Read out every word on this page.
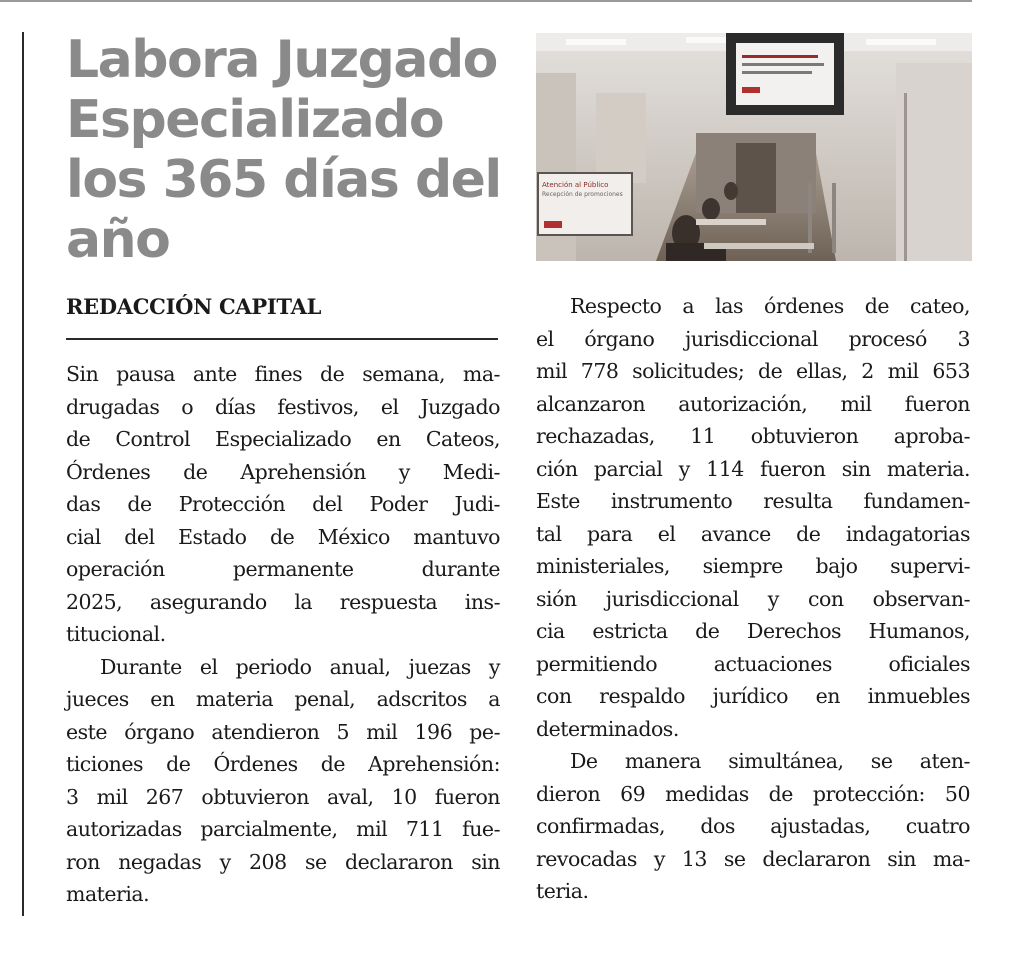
Labora Juzgado
Especializado
los 365 días del
año
Atención al Público
Recepción de promociones
REDACCIÓN CAPITAL
Sin pausa ante fines de semana, ma-
drugadas o días festivos, el Juzgado
de Control Especializado en Cateos,
Órdenes de Aprehensión y Medi-
das de Protección del Poder Judi-
cial del Estado de México mantuvo
operación permanente durante
2025, asegurando la respuesta ins-
titucional.
Durante el periodo anual, juezas y
jueces en materia penal, adscritos a
este órgano atendieron 5 mil 196 pe-
ticiones de Órdenes de Aprehensión:
3 mil 267 obtuvieron aval, 10 fueron
autorizadas parcialmente, mil 711 fue-
ron negadas y 208 se declararon sin
materia.
Respecto a las órdenes de cateo,
el órgano jurisdiccional procesó 3
mil 778 solicitudes; de ellas, 2 mil 653
alcanzaron autorización, mil fueron
rechazadas, 11 obtuvieron aproba-
ción parcial y 114 fueron sin materia.
Este instrumento resulta fundamen-
tal para el avance de indagatorias
ministeriales, siempre bajo supervi-
sión jurisdiccional y con observan-
cia estricta de Derechos Humanos,
permitiendo actuaciones oficiales
con respaldo jurídico en inmuebles
determinados.
De manera simultánea, se aten-
dieron 69 medidas de protección: 50
confirmadas, dos ajustadas, cuatro
revocadas y 13 se declararon sin ma-
teria.
